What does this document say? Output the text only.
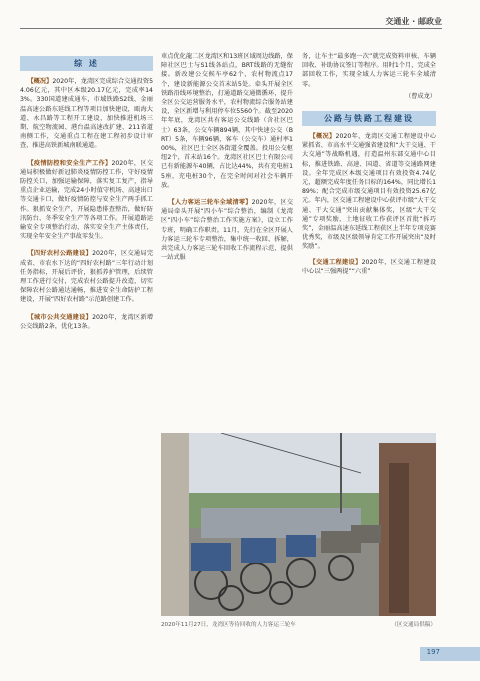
交通业 · 邮政业
综 述

【 概况 】 2020年，龙湾区完成综合交通投资54.06亿元，其中区本级20.17亿元，完成率143%。330国道建成通车，市域铁路S2线、金丽温高速公路东延线工程等项目加快建设，瓯海大道、永昌路等工程开工建设，加快推进机场三期、航空物流园、港台温高速改扩建、211省道南侧工作，交通重点工程在建工程初步设计审查，推进高铁新城南联通道。

【 疫情防控和安全生产工作 】 2020年，区交通局积极做好新冠肺炎疫情防控工作，守好疫情防控关口，加强运输保障，落实复工复产，指导重点企业运输，完成24小时值守机场、高速出口等交通卡口，做好疫情防控与安全生产两手抓工作。狠抓安全生产，开展隐患排查整治，做好防汛防台、冬季安全生产等各项工作。开展道路运输安全专项整治行动，落实安全生产主体责任，实现全年安全生产事故零发生。

【 四好农村公路建设 】 2020年，区交通局完成省、市农水下达的“四好农村路”三年行动计划任务指标，开展后评价，狠抓养护管理，后续管理工作进行交付，完成农村公路提升改造，切实保障农村公路通达通畅，推进安全生命防护工程建设，开展“四好农村路”示范路创建工作。

【 城市公共交通建设 】 2020年，龙湾区新增公交线路2条，优化13条。

車点优化龍二区龙湾区和13班区域周边线路，保障社区巴士与S1线各站点，BRT线路的无缝衔接。新改建公交候车亭62个，农村物流点17个，建设新能源公交首末站5处。牵头开展全区铁路沿线环境整治，打通道路交通微循环，提升全区公交运营服务水平，农村物流综合服务站建设，全区新增与利用停车位5560个。截至2020年年底，龙湾区共有客运公交线路（含社区巴士）63条，公交车辆894辆，其中快速公交（BRT）5条，车辆96辆，客车（公交车）通村率100%，社区巴士全区各街道全覆盖。投用公交枢纽2个，首末站16个。龙湾区社区巴士有限公司已有新能源车40辆，占比达44%，共有充电桩15座，充电桩30个，在完全时间对社会车辆开放。

【 人力客运三轮车全域清零 】 2020年，区交通局牵头开展“四小车”综合整治，编制《龙湾区“四小车”综合整治工作实施方案》，设立工作专班，明确工作职责。11月，先行在全区开展人力客运三轮车专项整治，集中统一收回、拆解，共完成人力客运三轮车回收工作流程示范，提供一站式服

务，让车主“最多跑一次”就完成资料审核、车辆回收、补助协议签订等程序。用时1个月，完成全部回收工作，实现全域人力客运三轮车全域清零。

（曹成龙）
公路与铁路工程建设

【 概况 】 2020年，龙湾区交通工程建设中心紧抓省、市高水平交通强省建设和“大干交通、干大交通”等战略机遇，打造温州东部交通中心目标，推进铁路、高速、国道、省道等交通路网建设。全年完成区本级交通项目有效投资4.74亿元，超额完成年度任务目标的164%，同比增长189%；配合完成市级交通项目有效投资25.67亿元。年内，区交通工程建设中心获评市级“大干交通、干大交通”突出贡献集体奖，区级“大干交通”专项奖励，土地征收工作获评区首批“拆巧奖”，金丽温高速东延线工程获区上半年专项竞赛优秀奖，市级及区级领导肯定工作开展突出“及时奖励”。

【 交通工程建设 】 2020年，区交通工程建设中心以“三强两提”“六重”

2020年11月27日，龙湾区等待回收的人力客运三轮车	（区交通局供稿）
197
